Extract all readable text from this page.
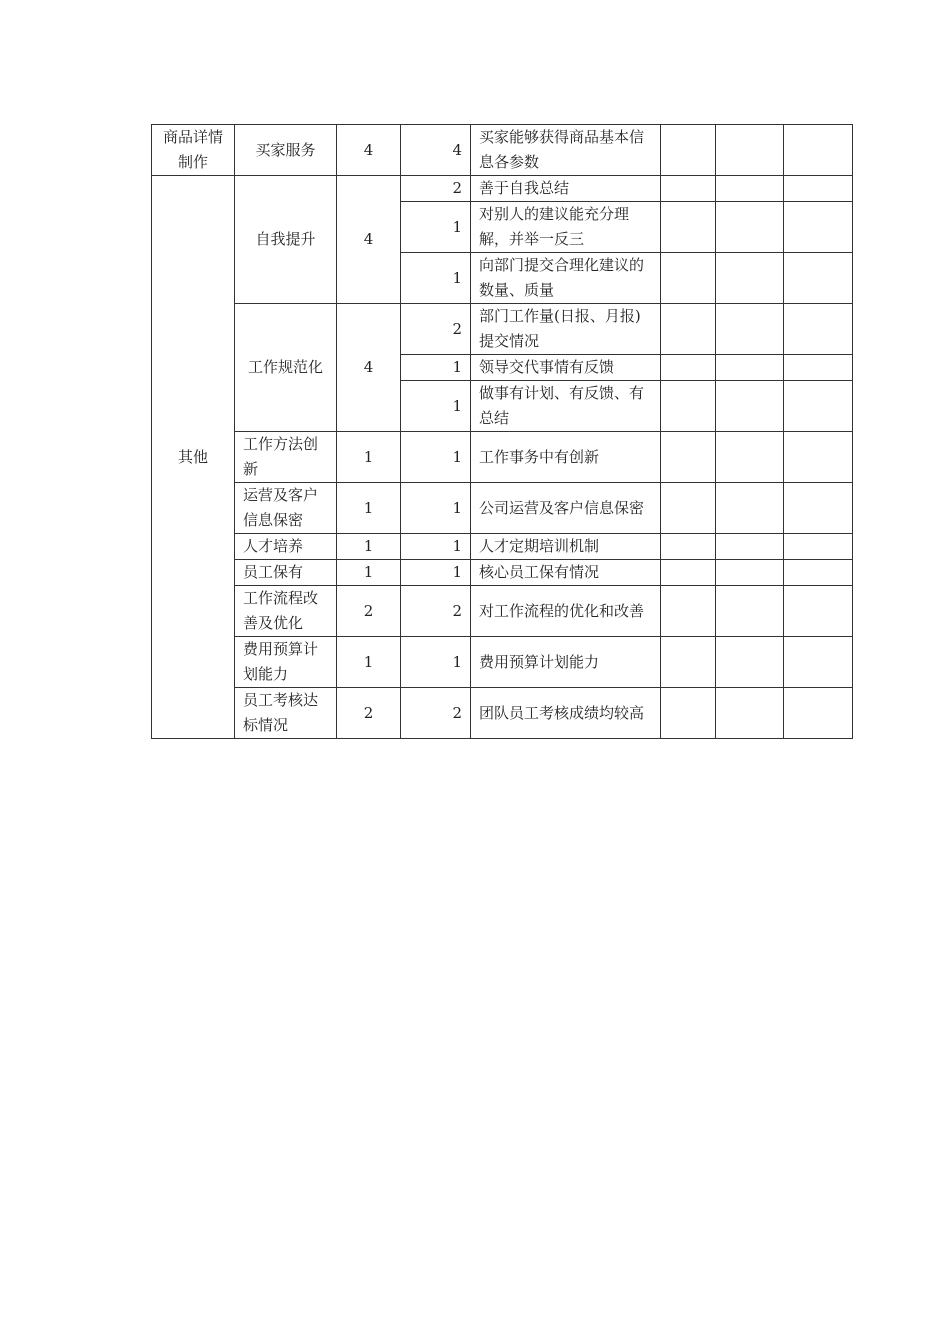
商品详情制作	买家服务	4	4	买家能够获得商品基本信息各参数			
其他	自我提升	4	2	善于自我总结			
			1	对别人的建议能充分理解，并举一反三			
			1	向部门提交合理化建议的数量、质量			
	工作规范化	4	2	部门工作量(日报、月报)提交情况			
			1	领导交代事情有反馈			
			1	做事有计划、有反馈、有总结			
	工作方法创新	1	1	工作事务中有创新			
	运营及客户信息保密	1	1	公司运营及客户信息保密			
	人才培养	1	1	人才定期培训机制			
	员工保有	1	1	核心员工保有情况			
	工作流程改善及优化	2	2	对工作流程的优化和改善			
	费用预算计划能力	1	1	费用预算计划能力			
	员工考核达标情况	2	2	团队员工考核成绩均较高			
